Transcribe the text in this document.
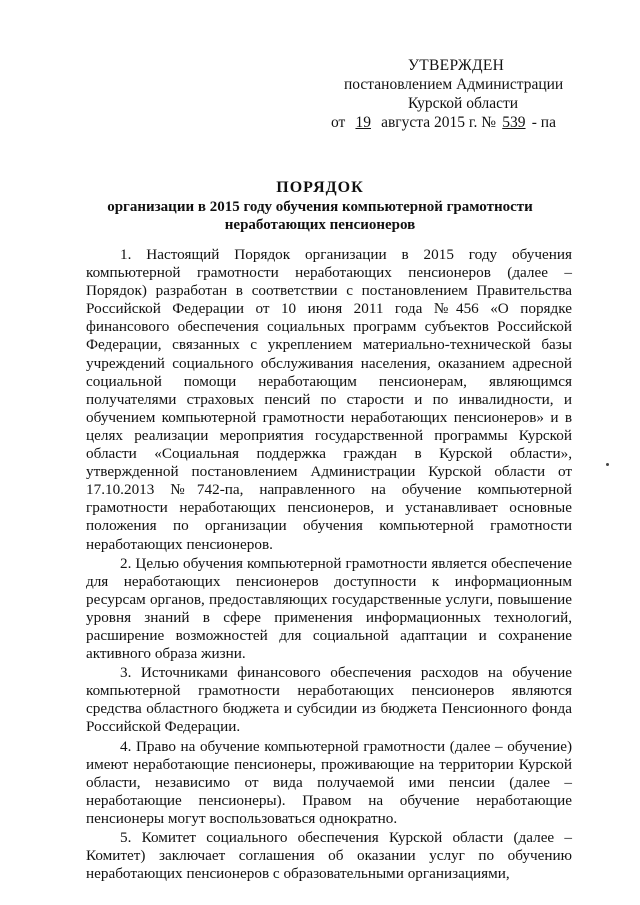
УТВЕРЖДЕН
постановлением Администрации
Курской области
от 19 августа 2015 г. № 539 - па
ПОРЯДОК
организации в 2015 году обучения компьютерной грамотности
неработающих пенсионеров

1. Настоящий Порядок организации в 2015 году обучения компьютерной грамотности неработающих пенсионеров (далее – Порядок) разработан в соответствии с постановлением Правительства Российской Федерации от 10 июня 2011 года №456 «О порядке финансового обеспечения социальных программ субъектов Российской Федерации, связанных с укреплением материально-технической базы учреждений социального обслуживания населения, оказанием адресной социальной помощи неработающим пенсионерам, являющимся получателями страховых пенсий по старости и по инвалидности, и обучением компьютерной грамотности неработающих пенсионеров» и в целях реализации мероприятия государственной программы Курской области «Социальная поддержка граждан в Курской области», утвержденной постановлением Администрации Курской области от 17.10.2013 №742-па, направленного на обучение компьютерной грамотности неработающих пенсионеров, и устанавливает основные положения по организации обучения компьютерной грамотности неработающих пенсионеров.

2. Целью обучения компьютерной грамотности является обеспечение для неработающих пенсионеров доступности к информационным ресурсам органов, предоставляющих государственные услуги, повышение уровня знаний в сфере применения информационных технологий, расширение возможностей для социальной адаптации и сохранение активного образа жизни.

3. Источниками финансового обеспечения расходов на обучение компьютерной грамотности неработающих пенсионеров являются средства областного бюджета и субсидии из бюджета Пенсионного фонда Российской Федерации.

4. Право на обучение компьютерной грамотности (далее – обучение) имеют неработающие пенсионеры, проживающие на территории Курской области, независимо от вида получаемой ими пенсии (далее – неработающие пенсионеры). Правом на обучение неработающие пенсионеры могут воспользоваться однократно.

5. Комитет социального обеспечения Курской области (далее – Комитет) заключает соглашения об оказании услуг по обучению неработающих пенсионеров с образовательными организациями,
